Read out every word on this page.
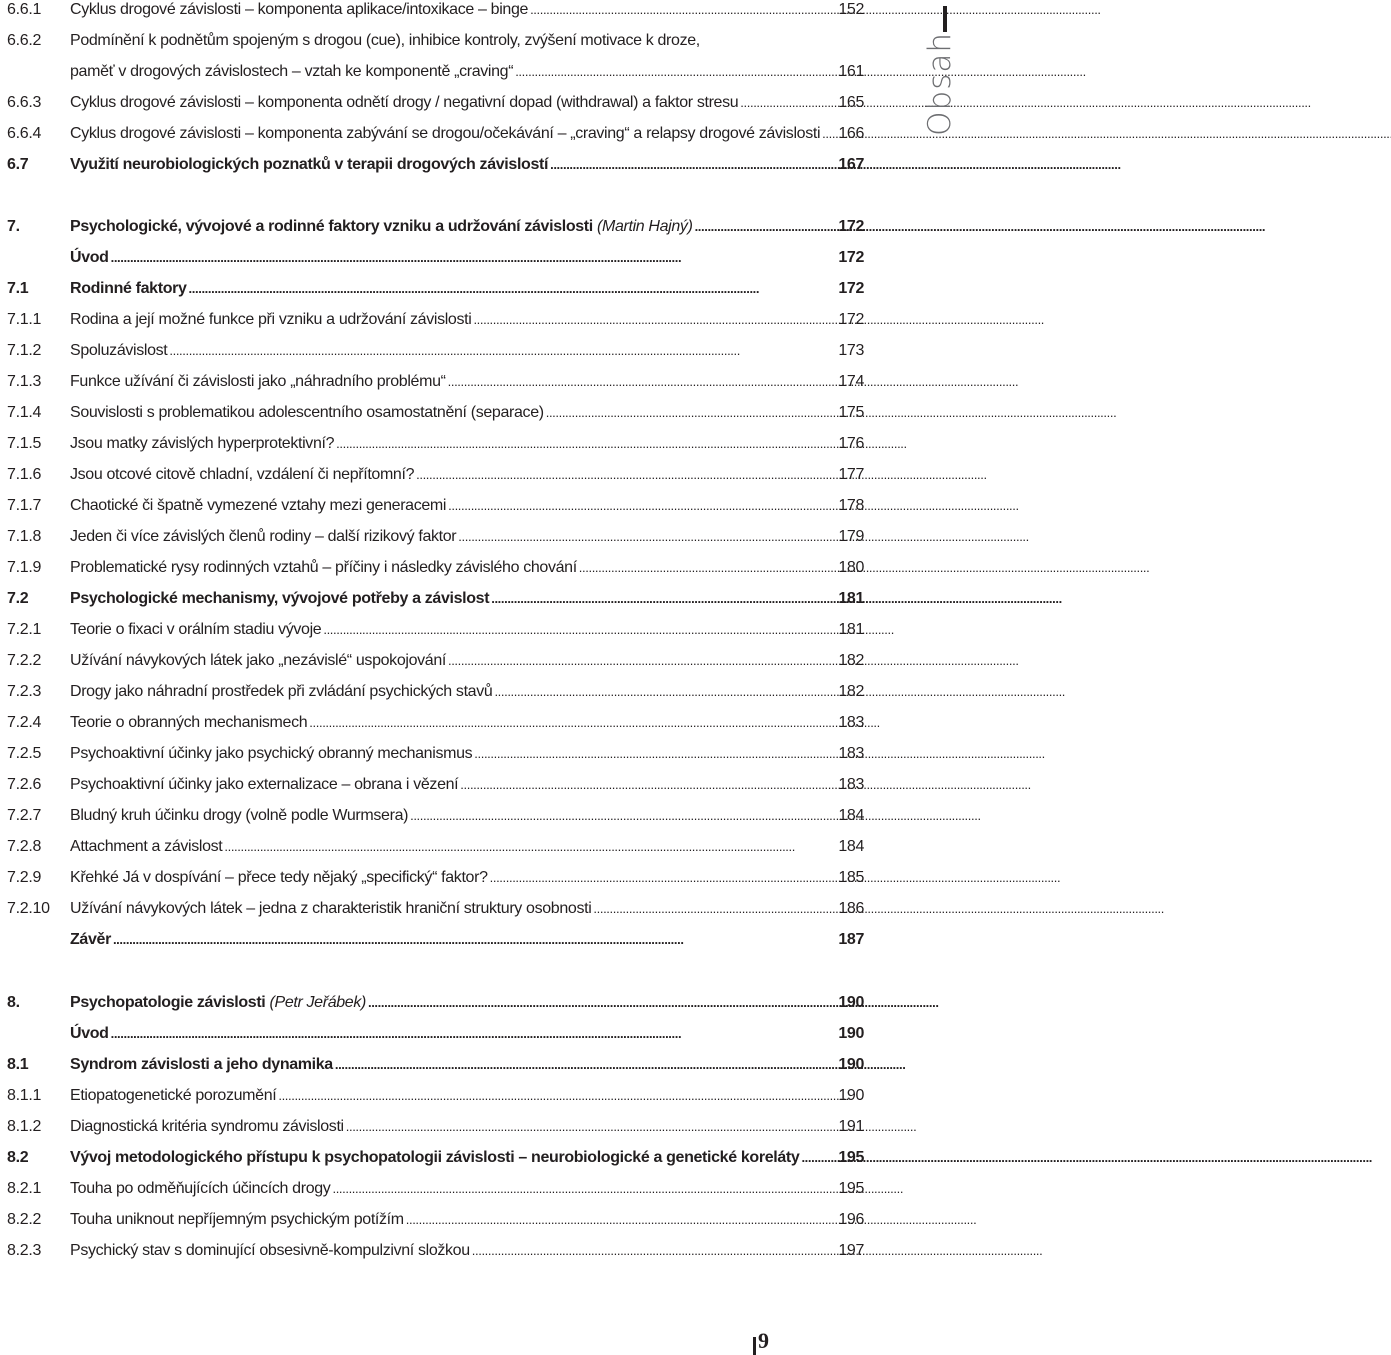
6.6.1 Cyklus drogové závislosti – komponenta aplikace/intoxikace – binge . . .	152
6.6.2 Podmínění k podnětům spojeným s drogou (cue), inhibice kontroly, zvýšení motivace k droze,
paměť v drogových závislostech – vztah ke komponentě „craving“ . . .	161
6.6.3 Cyklus drogové závislosti – komponenta odnětí drogy / negativní dopad (withdrawal) a faktor stresu . . .	165
6.6.4 Cyklus drogové závislosti – komponenta zabývání se drogou/očekávání – „craving“ a relapsy drogové závislosti . . . 166
6.7	Využití neurobiologických poznatků v terapii drogových závislostí . . .	167
7.	Psychologické, vývojové a rodinné faktory vzniku a udržování závislosti (Martin Hajný) . . .	172
Úvod . . .	172
7.1	Rodinné faktory . . .	172
7.1.1 Rodina a její možné funkce při vzniku a udržování závislosti . . .	172
7.1.2 Spoluzávislost . . .	173
7.1.3 Funkce užívání či závislosti jako „náhradního problému“ . . .	174
7.1.4 Souvislosti s problematikou adolescentního osamostatnění (separace) . . .	175
7.1.5 Jsou matky závislých hyperprotektivní? . . .	176
7.1.6 Jsou otcové citově chladní, vzdálení či nepřítomní? . . .	177
7.1.7 Chaotické či špatně vymezené vztahy mezi generacemi . . .	178
7.1.8 Jeden či více závislých členů rodiny – další rizikový faktor . . .	179
7.1.9 Problematické rysy rodinných vztahů – příčiny i následky závislého chování . . .	180
7.2	Psychologické mechanismy, vývojové potřeby a závislost . . .	181
7.2.1 Teorie o fixaci v orálním stadiu vývoje . . .	181
7.2.2 Užívání návykových látek jako „nezávislé“ uspokojování . . .	182
7.2.3 Drogy jako náhradní prostředek při zvládání psychických stavů . . .	182
7.2.4 Teorie o obranných mechanismech . . .	183
7.2.5 Psychoaktivní účinky jako psychický obranný mechanismus . . .	183
7.2.6 Psychoaktivní účinky jako externalizace – obrana i vězení . . .	183
7.2.7 Bludný kruh účinku drogy (volně podle Wurmsera) . . .	184
7.2.8 Attachment a závislost . . .	184
7.2.9 Křehké Já v dospívání – přece tedy nějaký „specifický“ faktor? . . .	185
7.2.10 Užívání návykových látek – jedna z charakteristik hraniční struktury osobnosti . . .	186
Závěr . . .	187
8.	Psychopatologie závislosti (Petr Jeřábek) . . .	190
Úvod . . .	190
8.1	Syndrom závislosti a jeho dynamika . . .	190
8.1.1 Etiopatogenetické porozumění . . .	190
8.1.2 Diagnostická kritéria syndromu závislosti . . .	191
8.2	Vývoj metodologického přístupu k psychopatologii závislosti – neurobiologické a genetické koreláty . . . 195
8.2.1 Touha po odměňujících účincích drogy . . .	195
8.2.2 Touha uniknout nepříjemným psychickým potížím . . .	196
8.2.3 Psychický stav s dominující obsesivně-kompulzivní složkou . . .	197
Obsah
9
